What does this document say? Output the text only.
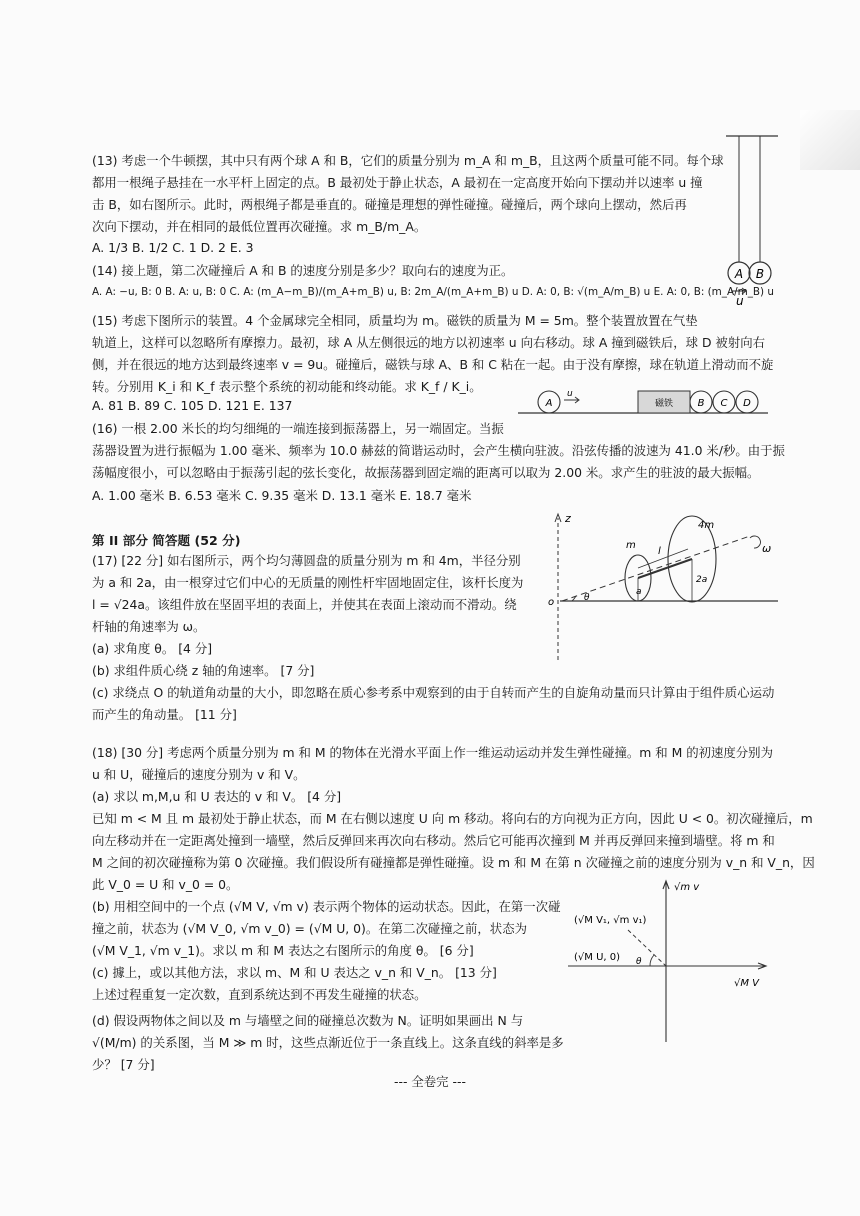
(13) 考虑一个牛顿摆，其中只有两个球 A 和 B，它们的质量分别为 m_A 和 m_B，且这两个质量可能不同。每个球
都用一根绳子悬挂在一水平杆上固定的点。B 最初处于静止状态，A 最初在一定高度开始向下摆动并以速率 u 撞
击 B，如右图所示。此时，两根绳子都是垂直的。碰撞是理想的弹性碰撞。碰撞后，两个球向上摆动，然后再
次向下摆动，并在相同的最低位置再次碰撞。求 m_B/m_A。
A. 1/3 B. 1/2 C. 1 D. 2 E. 3
A B
u
(14) 接上题，第二次碰撞后 A 和 B 的速度分别是多少？取向右的速度为正。
A. A: −u, B: 0 B. A: u, B: 0 C. A: (m_A−m_B)/(m_A+m_B) u, B: 2m_A/(m_A+m_B) u D. A: 0, B: √(m_A/m_B) u E. A: 0, B: (m_A/m_B) u
(15) 考虑下图所示的装置。4 个金属球完全相同，质量均为 m。磁铁的质量为 M = 5m。整个装置放置在气垫
轨道上，这样可以忽略所有摩擦力。最初，球 A 从左侧很远的地方以初速率 u 向右移动。球 A 撞到磁铁后，球 D 被射向右
侧，并在很远的地方达到最终速率 v = 9u。碰撞后，磁铁与球 A、B 和 C 粘在一起。由于没有摩擦，球在轨道上滑动而不旋
转。分别用 K_i 和 K_f 表示整个系统的初动能和终动能。求 K_f / K_i。
A. 81 B. 89 C. 105 D. 121 E. 137	A
u
磁铁 B C D
(16) 一根 2.00 米长的均匀细绳的一端连接到振荡器上，另一端固定。当振
荡器设置为进行振幅为 1.00 毫米、频率为 10.0 赫兹的简谐运动时，会产生横向驻波。沿弦传播的波速为 41.0 米/秒。由于振
荡幅度很小，可以忽略由于振荡引起的弦长变化，故振荡器到固定端的距离可以取为 2.00 米。求产生的驻波的最大振幅。
A. 1.00 毫米 B. 6.53 毫米 C. 9.35 毫米 D. 13.1 毫米 E. 18.7 毫米
第 II 部分 简答题 (52 分)
(17) [22 分] 如右图所示，两个均匀薄圆盘的质量分别为 m 和 4m，半径分别
为 a 和 2a，由一根穿过它们中心的无质量的刚性杆牢固地固定住，该杆长度为
l = √24a。该组件放在坚固平坦的表面上，并使其在表面上滚动而不滑动。绕
杆轴的角速率为 ω。
(a) 求角度 θ。 [4 分]
(b) 求组件质心绕 z 轴的角速率。 [7 分]
(c) 求绕点 O 的轨道角动量的大小，即忽略在质心参考系中观察到的由于自转而产生的自旋角动量而只计算由于组件质心运动
而产生的角动量。 [11 分]
z
o	θ
l
a
2a
m
4m
ω
(18) [30 分] 考虑两个质量分别为 m 和 M 的物体在光滑水平面上作一维运动运动并发生弹性碰撞。m 和 M 的初速度分别为
u 和 U，碰撞后的速度分别为 v 和 V。
(a) 求以 m,M,u 和 U 表达的 v 和 V。 [4 分]
已知 m < M 且 m 最初处于静止状态，而 M 在右侧以速度 U 向 m 移动。将向右的方向视为正方向，因此 U < 0。初次碰撞后，m
向左移动并在一定距离处撞到一墙壁，然后反弹回来再次向右移动。然后它可能再次撞到 M 并再反弹回来撞到墙壁。将 m 和
M 之间的初次碰撞称为第 0 次碰撞。我们假设所有碰撞都是弹性碰撞。设 m 和 M 在第 n 次碰撞之前的速度分别为 v_n 和 V_n，因
此 V_0 = U 和 v_0 = 0。
(b) 用相空间中的一个点 (√M V, √m v) 表示两个物体的运动状态。因此，在第一次碰
撞之前，状态为 (√M V_0, √m v_0) = (√M U, 0)。在第二次碰撞之前，状态为
(√M V_1, √m v_1)。求以 m 和 M 表达之右图所示的角度 θ。 [6 分]
(c) 據上，或以其他方法，求以 m、M 和 U 表达之 v_n 和 V_n。 [13 分]
上述过程重复一定次数，直到系统达到不再发生碰撞的状态。
(d) 假设两物体之间以及 m 与墙壁之间的碰撞总次数为 N。证明如果画出 N 与
√(M/m) 的关系图，当 M ≫ m 时，这些点渐近位于一条直线上。这条直线的斜率是多
少？ [7 分]
√m v
√M V
(√M V₁, √m v₁)
(√M U, 0) θ
--- 全卷完 ---
